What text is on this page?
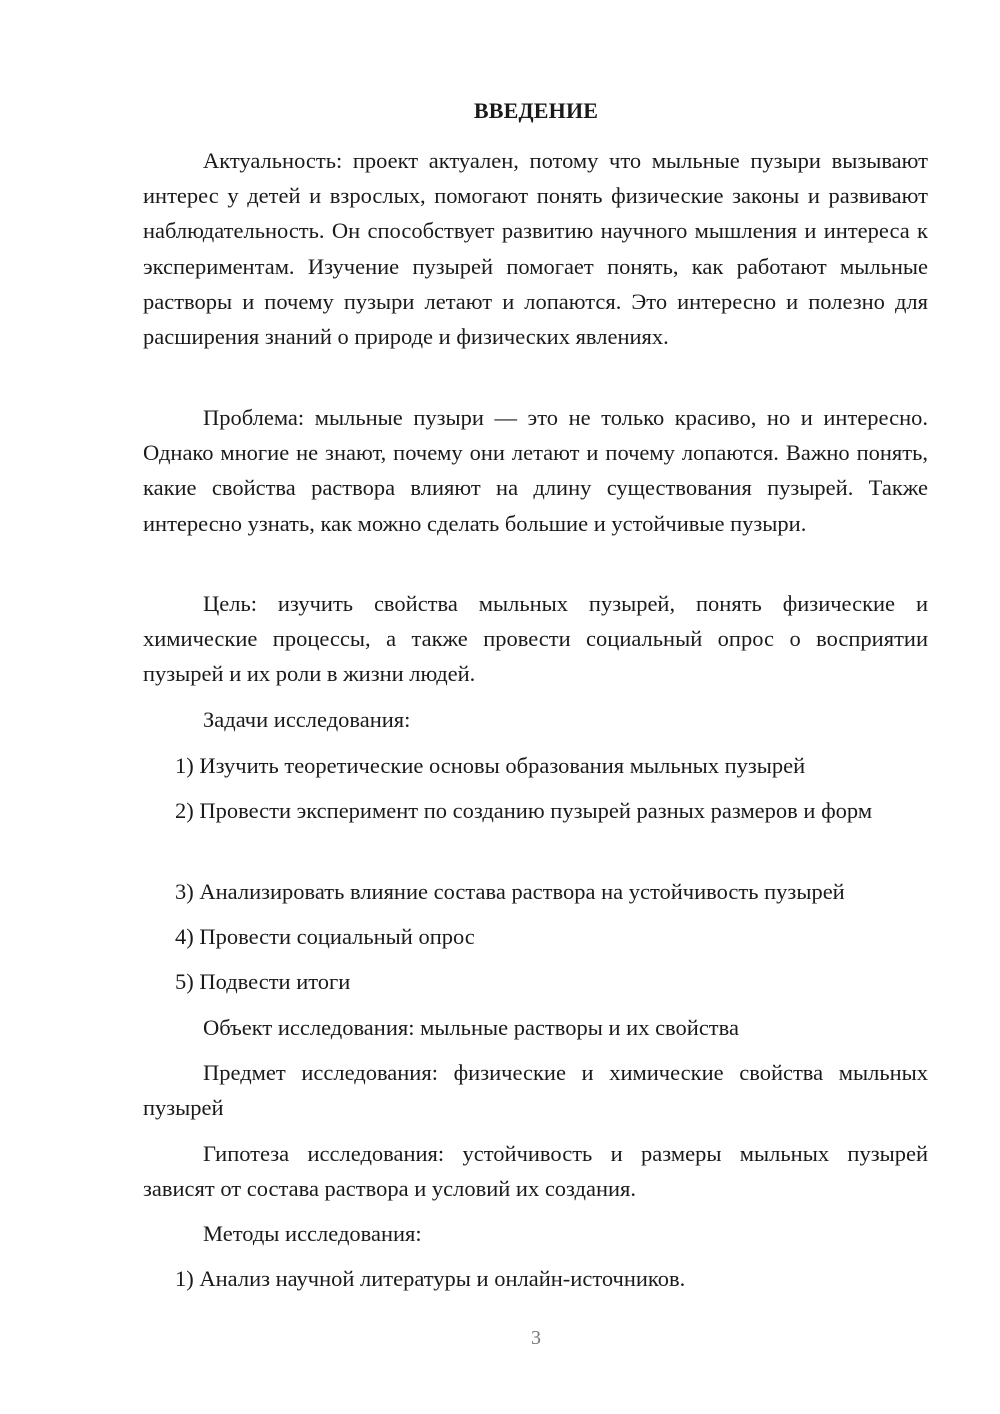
ВВЕДЕНИЕ

Актуальность: проект актуален, потому что мыльные пузыри вызывают интерес у детей и взрослых, помогают понять физические законы и развивают наблюдательность. Он способствует развитию научного мышления и интереса к экспериментам. Изучение пузырей помогает понять, как работают мыльные растворы и почему пузыри летают и лопаются. Это интересно и полезно для расширения знаний о природе и физических явлениях.

Проблема: мыльные пузыри — это не только красиво, но и интересно. Однако многие не знают, почему они летают и почему лопаются. Важно понять, какие свойства раствора влияют на длину существования пузырей. Также интересно узнать, как можно сделать большие и устойчивые пузыри.

Цель: изучить свойства мыльных пузырей, понять физические и химические процессы, а также провести социальный опрос о восприятии пузырей и их роли в жизни людей.

Задачи исследования:

1) Изучить теоретические основы образования мыльных пузырей

2) Провести эксперимент по созданию пузырей разных размеров и форм

3) Анализировать влияние состава раствора на устойчивость пузырей

4) Провести социальный опрос

5) Подвести итоги

Объект исследования: мыльные растворы и их свойства

Предмет исследования: физические и химические свойства мыльных пузырей

Гипотеза исследования: устойчивость и размеры мыльных пузырей зависят от состава раствора и условий их создания.

Методы исследования:

1) Анализ научной литературы и онлайн-источников.

3
